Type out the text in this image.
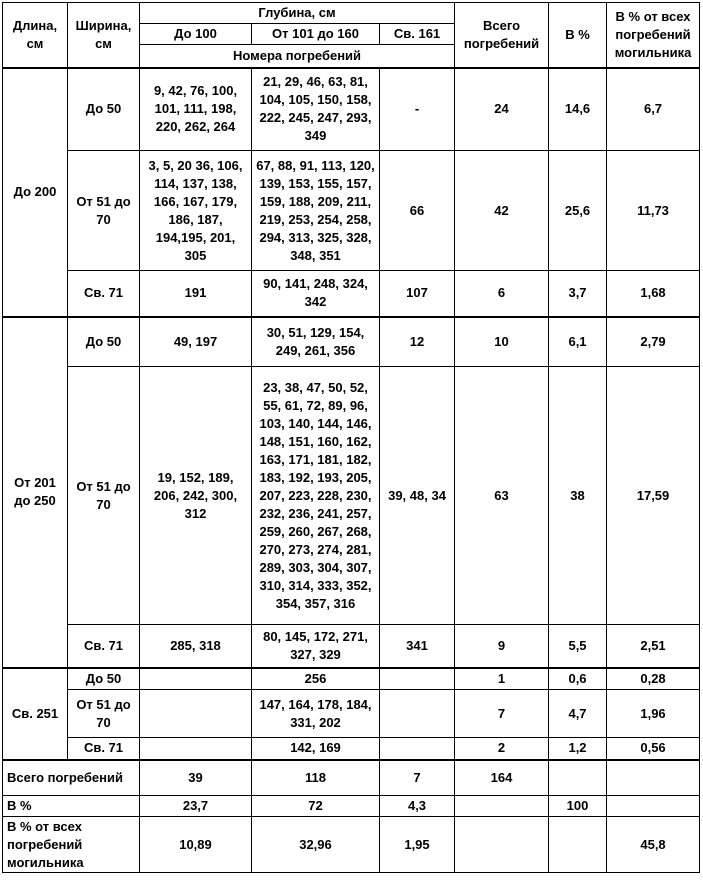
Длина, см	Ширина, см	Глубина, см			Всего погребений	В %	В % от всех погребений могильника
		До 100	От 101 до 160	Св. 161			
		Номера погребений					
До 200	До 50	9, 42, 76, 100, 101, 111, 198, 220, 262, 264	21, 29, 46, 63, 81, 104, 105, 150, 158, 222, 245, 247, 293, 349	-	24	14,6	6,7
	От 51 до 70	3, 5, 20 36, 106, 114, 137, 138, 166, 167, 179, 186, 187, 194,195, 201, 305	67, 88, 91, 113, 120, 139, 153, 155, 157, 159, 188, 209, 211, 219, 253, 254, 258, 294, 313, 325, 328, 348, 351	66	42	25,6	11,73
	Св. 71	191	90, 141, 248, 324, 342	107	6	3,7	1,68
От 201 до 250	До 50	49, 197	30, 51, 129, 154, 249, 261, 356	12	10	6,1	2,79
	От 51 до 70	19, 152, 189, 206, 242, 300, 312	23, 38, 47, 50, 52, 55, 61, 72, 89, 96, 103, 140, 144, 146, 148, 151, 160, 162, 163, 171, 181, 182, 183, 192, 193, 205, 207, 223, 228, 230, 232, 236, 241, 257, 259, 260, 267, 268, 270, 273, 274, 281, 289, 303, 304, 307, 310, 314, 333, 352, 354, 357, 316	39, 48, 34	63	38	17,59
	Св. 71	285, 318	80, 145, 172, 271, 327, 329	341	9	5,5	2,51
Св. 251	До 50		256		1	0,6	0,28
	От 51 до 70		147, 164, 178, 184, 331, 202		7	4,7	1,96
	Св. 71		142, 169		2	1,2	0,56
Всего погребений		39	118	7	164		
В %		23,7	72	4,3		100	
В % от всех погребений могильника		10,89	32,96	1,95			45,8
